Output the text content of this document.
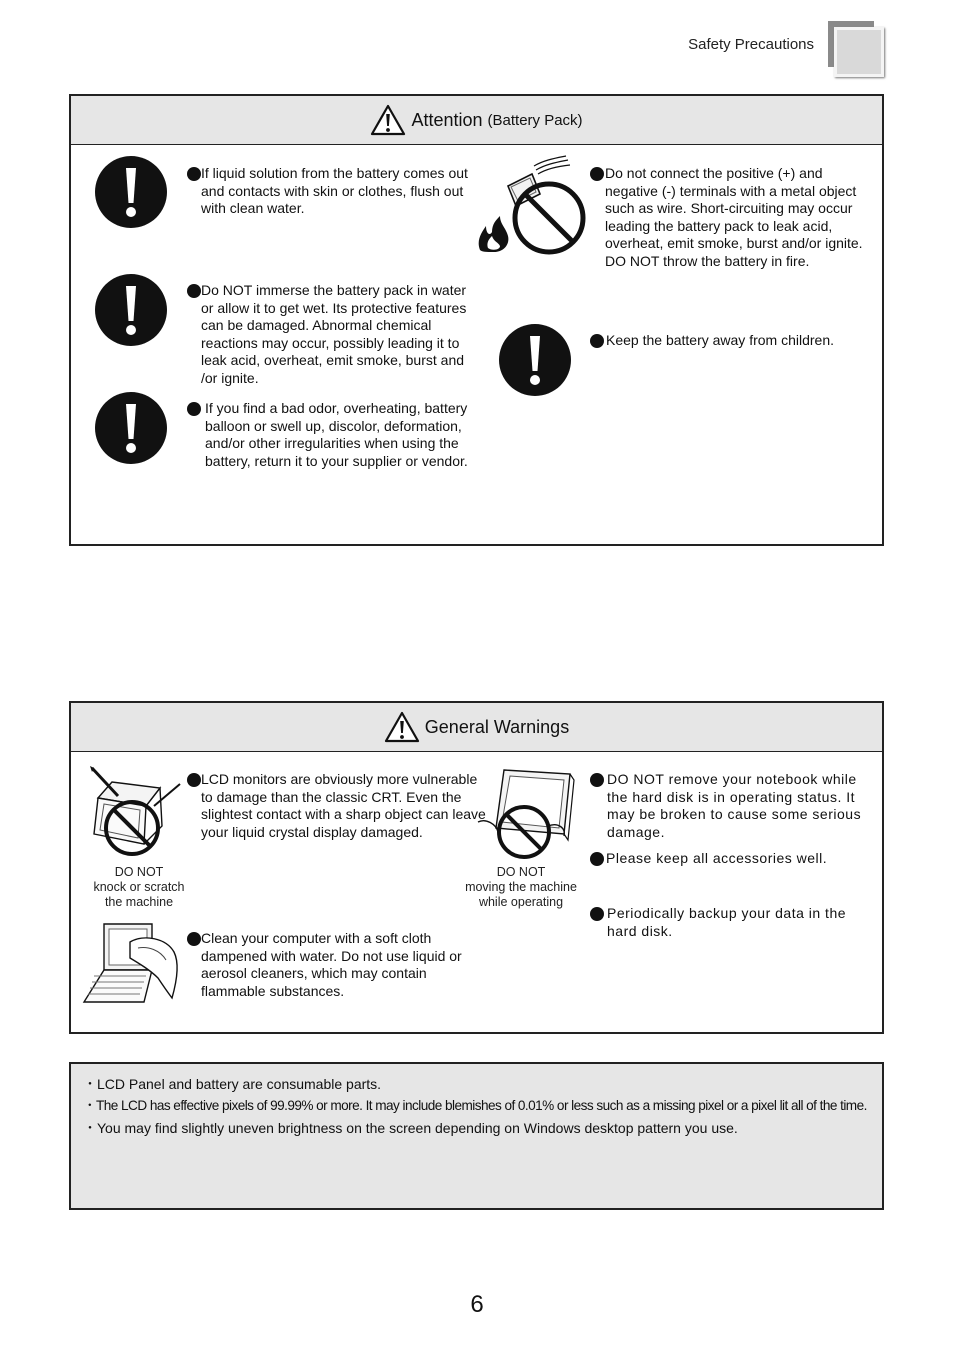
Safety Precautions
Attention (Battery Pack)
If liquid solution from the battery comes out and contacts with skin or clothes, flush out with clean water.
Do NOT immerse the battery pack in water or allow it to get wet. Its protective features can be damaged. Abnormal chemical reactions may occur, possibly leading it to leak acid, overheat, emit smoke, burst and /or ignite.
If you find a bad odor, overheating, battery balloon or swell up, discolor, deformation, and/or other irregularities when using the battery, return it to your supplier or vendor.
Do not connect the positive (+) and negative (-) terminals with a metal object such as wire. Short-circuiting may occur leading the battery pack to leak acid, overheat, emit smoke, burst and/or ignite. DO NOT throw the battery in fire.
Keep the battery away from children.
General Warnings
DO NOT
knock or scratch
the machine
DO NOT
moving the machine
while operating
LCD monitors are obviously more vulnerable to damage than the classic CRT. Even the slightest contact with a sharp object can leave your liquid crystal display damaged.
Clean your computer with a soft cloth dampened with water. Do not use liquid or aerosol cleaners, which may contain flammable substances.
DO NOT remove your notebook while the hard disk is in operating status. It may be broken to cause some serious damage.
Please keep all accessories well.
Periodically backup your data in the hard disk.
・LCD Panel and battery are consumable parts.
・The LCD has effective pixels of 99.99% or more. It may include blemishes of 0.01% or less such as a missing pixel or a pixel lit all of the time.
・You may find slightly uneven brightness on the screen depending on Windows desktop pattern you use.
6
